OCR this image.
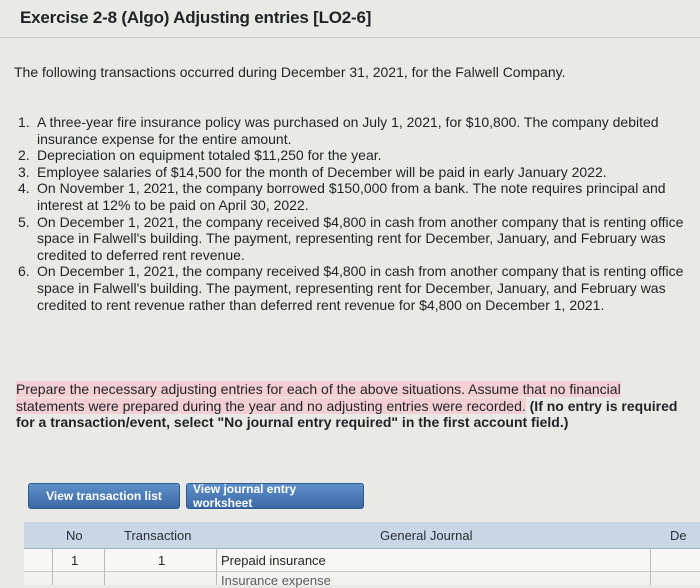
Exercise 2-8 (Algo) Adjusting entries [LO2-6]
The following transactions occurred during December 31, 2021, for the Falwell Company.
1. A three-year fire insurance policy was purchased on July 1, 2021, for $10,800. The company debited insurance expense for the entire amount.
2. Depreciation on equipment totaled $11,250 for the year.
3. Employee salaries of $14,500 for the month of December will be paid in early January 2022.
4. On November 1, 2021, the company borrowed $150,000 from a bank. The note requires principal and interest at 12% to be paid on April 30, 2022.
5. On December 1, 2021, the company received $4,800 in cash from another company that is renting office space in Falwell's building. The payment, representing rent for December, January, and February was credited to deferred rent revenue.
6. On December 1, 2021, the company received $4,800 in cash from another company that is renting office space in Falwell's building. The payment, representing rent for December, January, and February was credited to rent revenue rather than deferred rent revenue for $4,800 on December 1, 2021.
Prepare the necessary adjusting entries for each of the above situations. Assume that no financial statements were prepared during the year and no adjusting entries were recorded. (If no entry is required for a transaction/event, select "No journal entry required" in the first account field.)
View transaction list	View journal entry worksheet
No	Transaction	General Journal	De
1	1	Prepaid insurance
Insurance expense
